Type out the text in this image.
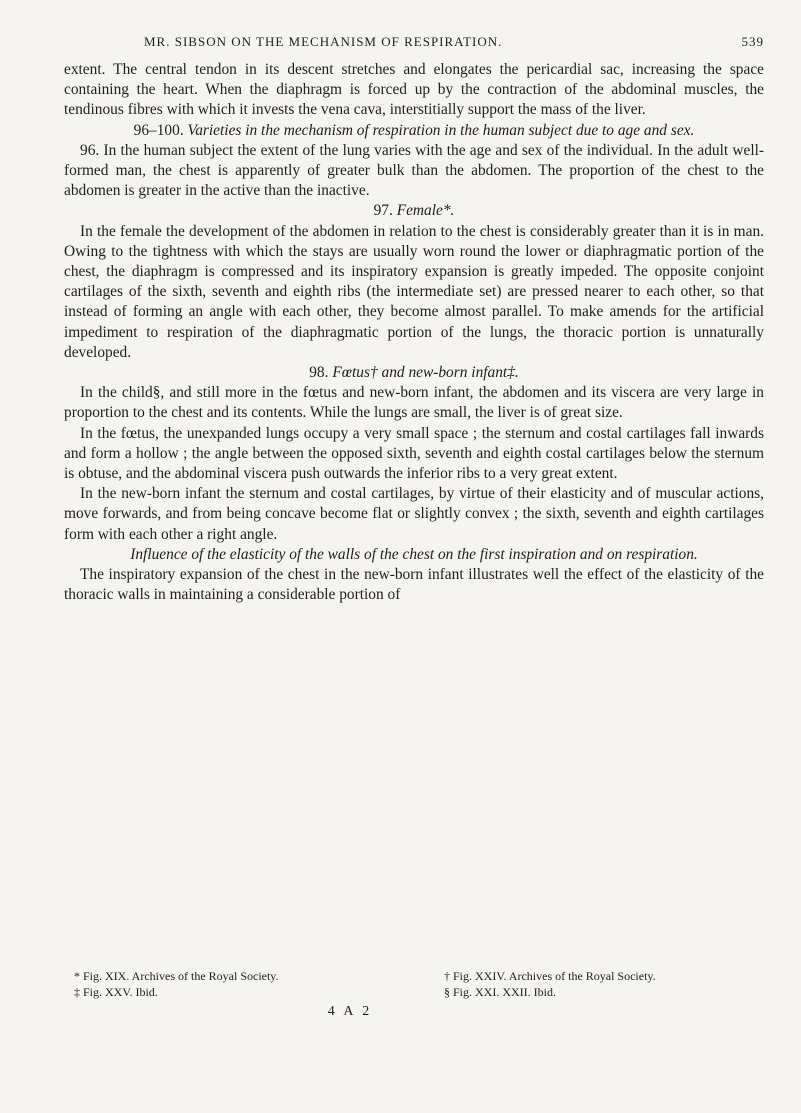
MR. SIBSON ON THE MECHANISM OF RESPIRATION.	539

extent. The central tendon in its descent stretches and elongates the pericardial sac, increasing the space containing the heart. When the diaphragm is forced up by the contraction of the abdominal muscles, the tendinous fibres with which it invests the vena cava, interstitially support the mass of the liver.

96–100. Varieties in the mechanism of respiration in the human subject due to age and sex.

96. In the human subject the extent of the lung varies with the age and sex of the individual. In the adult well-formed man, the chest is apparently of greater bulk than the abdomen. The proportion of the chest to the abdomen is greater in the active than the inactive.

97. Female*.

In the female the development of the abdomen in relation to the chest is considerably greater than it is in man. Owing to the tightness with which the stays are usually worn round the lower or diaphragmatic portion of the chest, the diaphragm is compressed and its inspiratory expansion is greatly impeded. The opposite conjoint cartilages of the sixth, seventh and eighth ribs (the intermediate set) are pressed nearer to each other, so that instead of forming an angle with each other, they become almost parallel. To make amends for the artificial impediment to respiration of the diaphragmatic portion of the lungs, the thoracic portion is unnaturally developed.

98. Fœtus† and new-born infant‡.

In the child§, and still more in the fœtus and new-born infant, the abdomen and its viscera are very large in proportion to the chest and its contents. While the lungs are small, the liver is of great size.

In the fœtus, the unexpanded lungs occupy a very small space ; the sternum and costal cartilages fall inwards and form a hollow ; the angle between the opposed sixth, seventh and eighth costal cartilages below the sternum is obtuse, and the abdominal viscera push outwards the inferior ribs to a very great extent.

In the new-born infant the sternum and costal cartilages, by virtue of their elasticity and of muscular actions, move forwards, and from being concave become flat or slightly convex ; the sixth, seventh and eighth cartilages form with each other a right angle.

Influence of the elasticity of the walls of the chest on the first inspiration and on respiration.

The inspiratory expansion of the chest in the new-born infant illustrates well the effect of the elasticity of the thoracic walls in maintaining a considerable portion of

* Fig. XIX. Archives of the Royal Society.	† Fig. XXIV. Archives of the Royal Society.
‡ Fig. XXV. Ibid.	§ Fig. XXI. XXII. Ibid.
4 A 2
